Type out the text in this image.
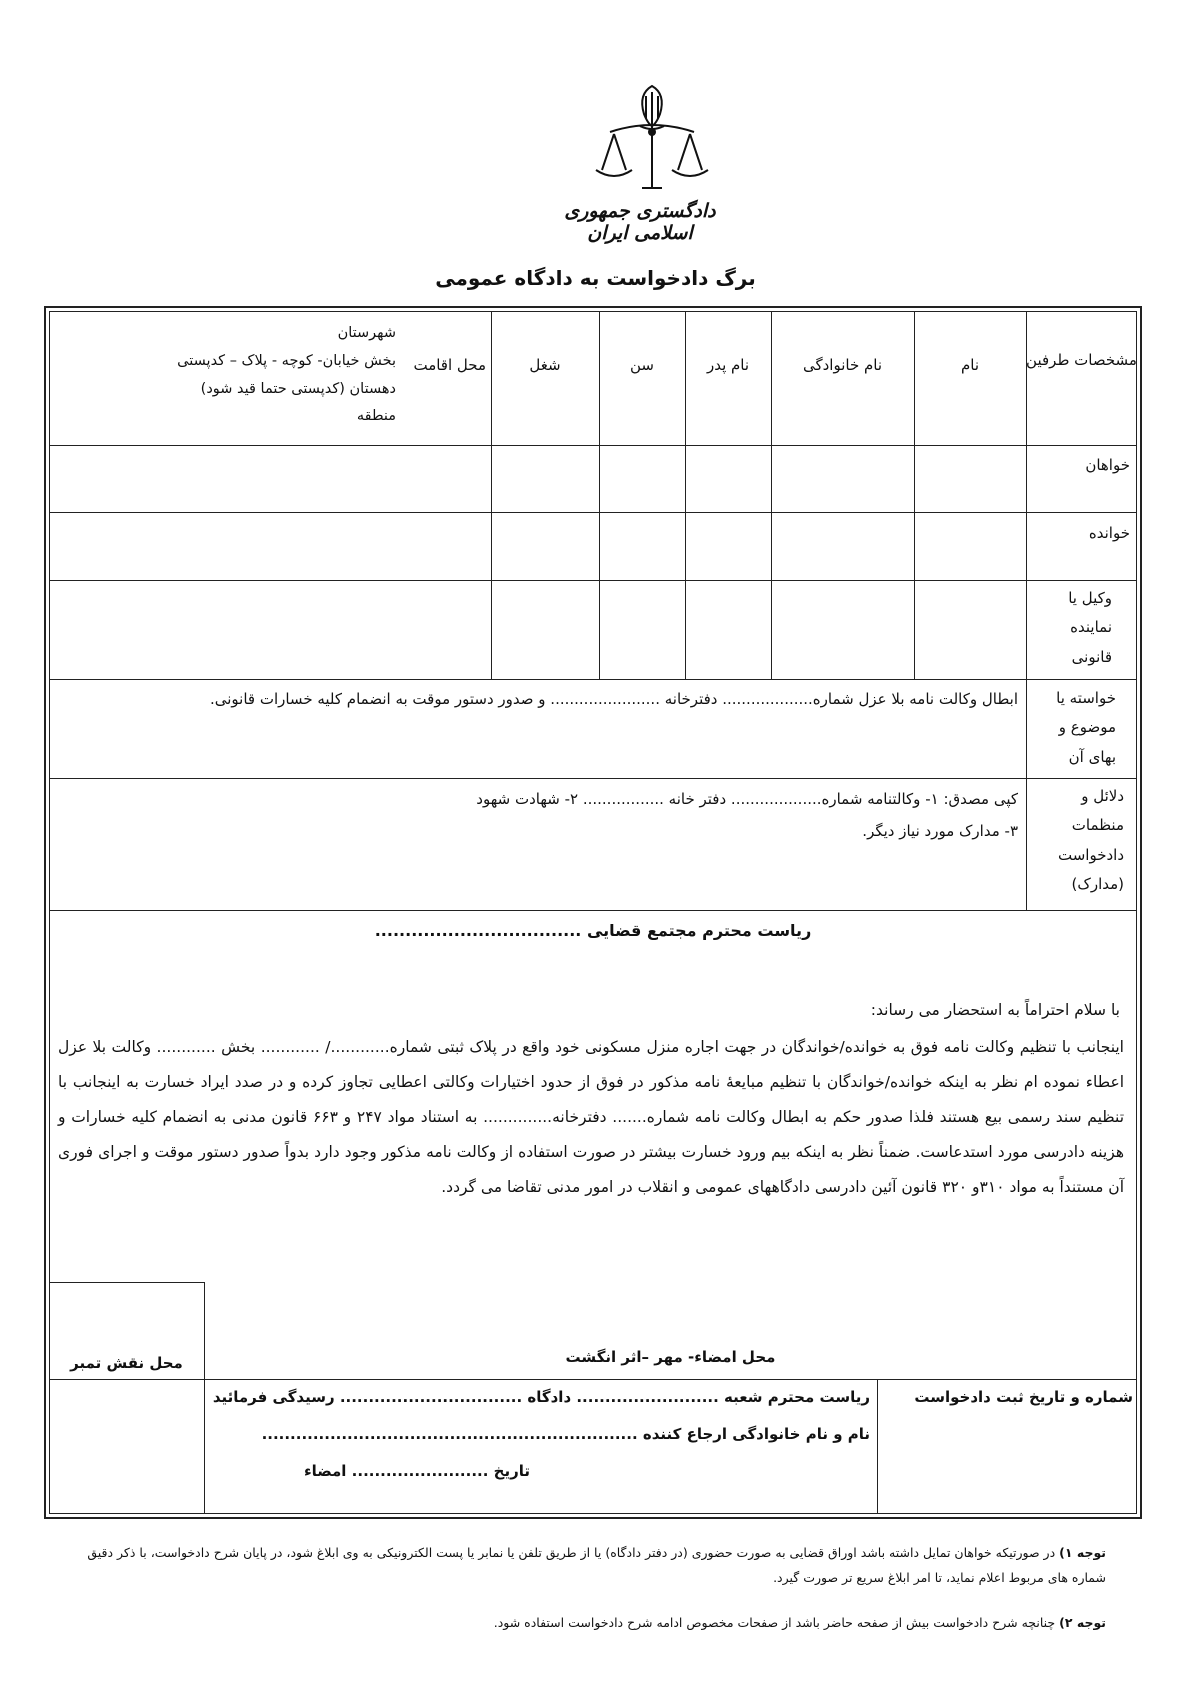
دادگستری جمهوری اسلامی ایران
برگ دادخواست به دادگاه عمومی
مشخصات طرفین
نام
نام خانوادگی
نام پدر
سن
شغل
محل اقامت
شهرستان
بخش خیابان- کوچه - پلاک – کدپستی
دهستان (کدپستی حتما قید شود)
منطقه
خواهان
خوانده
وکیل یا نماینده قانونی
خواسته یا موضوع و بهای آن
ابطال وکالت نامه بلا عزل شماره................... دفترخانه ....................... و صدور دستور موقت به انضمام کلیه خسارات قانونی.
دلائل و منظمات دادخواست (مدارک)
کپی مصدق: ۱- وکالتنامه شماره................... دفتر خانه ................. ۲- شهادت شهود
۳- مدارک مورد نیاز دیگر.
ریاست محترم مجتمع قضایی ..................................
با سلام احتراماً به استحضار می رساند:
اینجانب با تنظیم وکالت نامه فوق به خوانده/خواندگان در جهت اجاره منزل مسکونی خود واقع در پلاک ثبتی شماره............/ ............ بخش ............ وکالت بلا عزل اعطاء نموده ام نظر به اینکه خوانده/خواندگان با تنظیم مبایعهٔ نامه مذکور در فوق از حدود اختیارات وکالتی اعطایی تجاوز کرده و در صدد ایراد خسارت به اینجانب با تنظیم سند رسمی بیع هستند فلذا صدور حکم به ابطال وکالت نامه شماره....... دفترخانه.............. به استناد مواد ۲۴۷ و ۶۶۳ قانون مدنی به انضمام کلیه خسارات و هزینه دادرسی مورد استدعاست. ضمناً نظر به اینکه بیم ورود خسارت بیشتر در صورت استفاده از وکالت نامه مذکور وجود دارد بدواً صدور دستور موقت و اجرای فوری آن مستنداً به مواد ۳۱۰و ۳۲۰ قانون آئین دادرسی دادگاههای عمومی و انقلاب در امور مدنی تقاضا می گردد.
محل نقش تمبر	محل امضاء- مهر –اثر انگشت
شماره و تاریخ ثبت دادخواست
ریاست محترم شعبه ......................... دادگاه ................................ رسیدگی فرمائید
نام و نام خانوادگی ارجاع کننده ..................................................................
تاریخ ........................ امضاء
توجه ۱) در صورتیکه خواهان تمایل داشته باشد اوراق قضایی به صورت حضوری (در دفتر دادگاه) یا از طریق تلفن یا نمابر یا پست الکترونیکی به وی ابلاغ شود، در پایان شرح دادخواست، با ذکر دقیق شماره های مربوط اعلام نماید، تا امر ابلاغ سریع تر صورت گیرد.
توجه ۲) چنانچه شرح دادخواست بیش از صفحه حاضر باشد از صفحات مخصوص ادامه شرح دادخواست استفاده شود.
